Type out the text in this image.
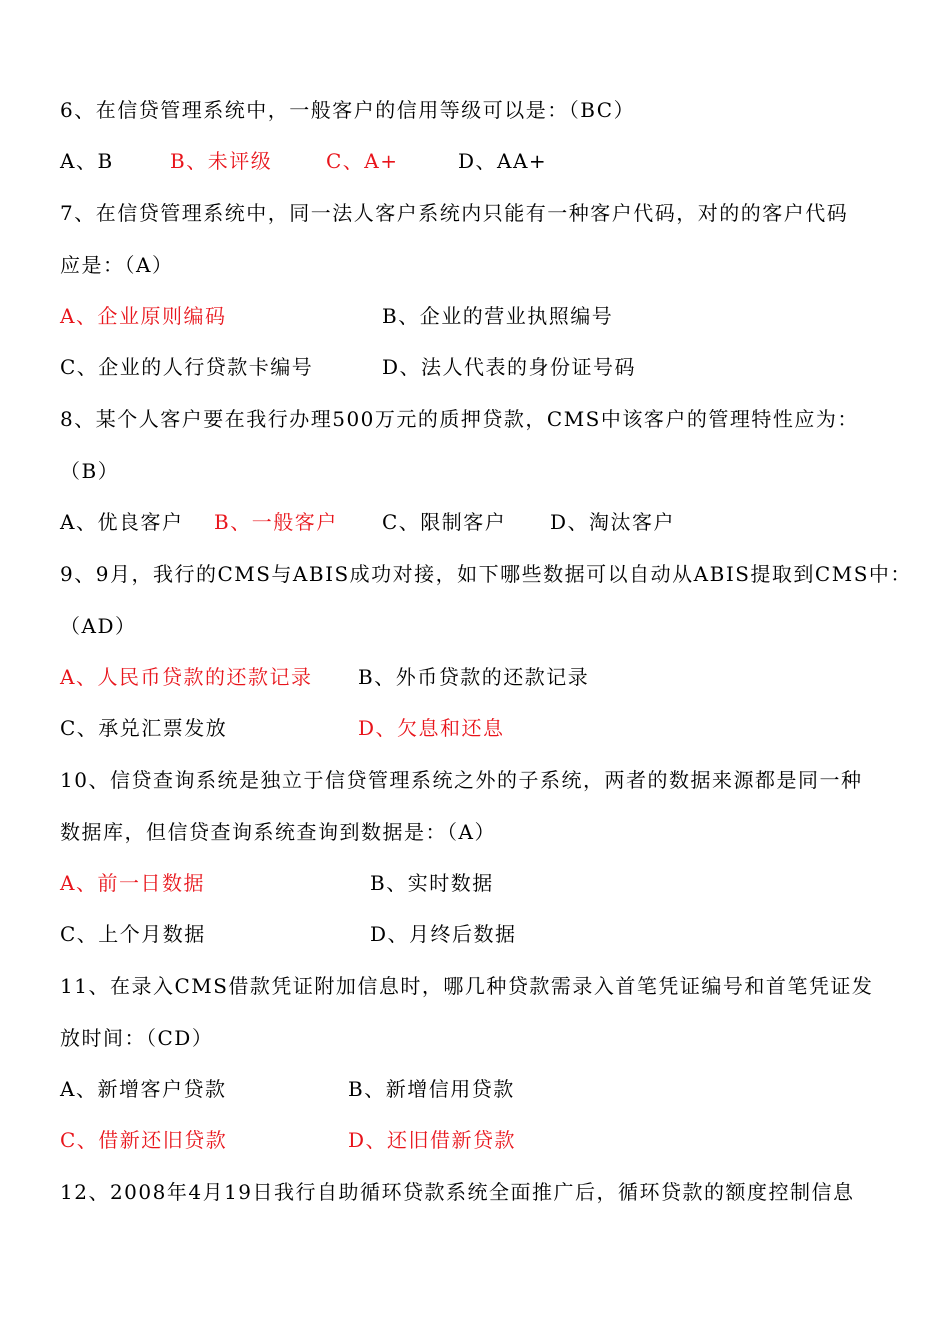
6、在信贷管理系统中，一般客户的信用等级可以是：（BC）
A、B	B、未评级	C、A+	D、AA+
7、在信贷管理系统中，同一法人客户系统内只能有一种客户代码，对的的客户代码
应是：（A）
A、企业原则编码	B、企业的营业执照编号
C、企业的人行贷款卡编号	D、法人代表的身份证号码
8、某个人客户要在我行办理500万元的质押贷款，CMS中该客户的管理特性应为：
（B）
A、优良客户 B、一般客户 C、限制客户 D、淘汰客户
9、9月，我行的CMS与ABIS成功对接，如下哪些数据可以自动从ABIS提取到CMS中：
（AD）
A、人民币贷款的还款记录 B、外币贷款的还款记录
C、承兑汇票发放	D、欠息和还息
10、信贷查询系统是独立于信贷管理系统之外的子系统，两者的数据来源都是同一种
数据库，但信贷查询系统查询到数据是：（A）
A、前一日数据	B、实时数据
C、上个月数据	D、月终后数据
11、在录入CMS借款凭证附加信息时，哪几种贷款需录入首笔凭证编号和首笔凭证发
放时间：（CD）
A、新增客户贷款	B、新增信用贷款
C、借新还旧贷款	D、还旧借新贷款
12、2008年4月19日我行自助循环贷款系统全面推广后，循环贷款的额度控制信息
